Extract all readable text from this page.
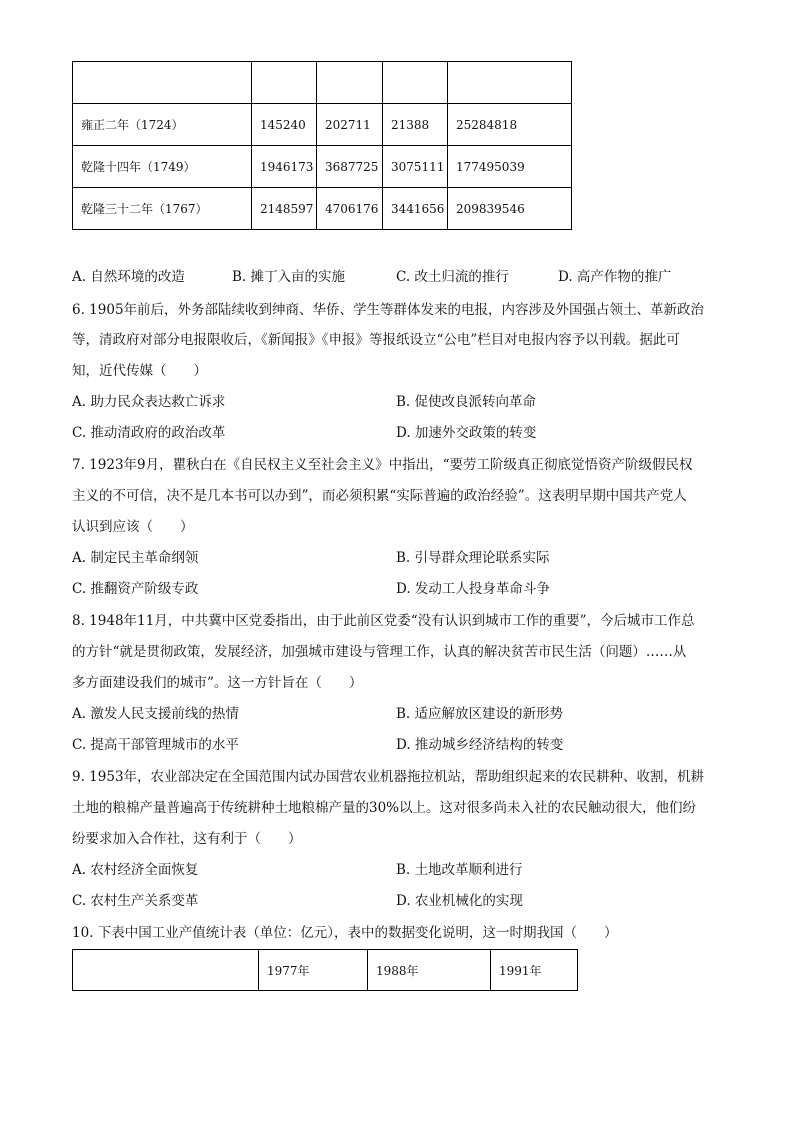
雍正二年（1724）	145240	202711	21388	25284818
乾隆十四年（1749）	1946173	3687725	3075111	177495039
乾隆三十二年（1767）	2148597	4706176	3441656	209839546
A. 自然环境的改造	B. 摊丁入亩的实施	C. 改土归流的推行	D. 高产作物的推广
6. 1905年前后，外务部陆续收到绅商、华侨、学生等群体发来的电报，内容涉及外国强占领土、革新政治
等，清政府对部分电报限收后，《新闻报》《申报》等报纸设立“公电”栏目对电报内容予以刊载。据此可
知，近代传媒（　　）
A. 助力民众表达救亡诉求	B. 促使改良派转向革命
C. 推动清政府的政治改革	D. 加速外交政策的转变
7. 1923年9月，瞿秋白在《自民权主义至社会主义》中指出，“要劳工阶级真正彻底觉悟资产阶级假民权
主义的不可信，决不是几本书可以办到”，而必须积累“实际普遍的政治经验”。这表明早期中国共产党人
认识到应该（　　）
A. 制定民主革命纲领	B. 引导群众理论联系实际
C. 推翻资产阶级专政	D. 发动工人投身革命斗争
8. 1948年11月，中共冀中区党委指出，由于此前区党委“没有认识到城市工作的重要”，今后城市工作总
的方针“就是贯彻政策，发展经济，加强城市建设与管理工作，认真的解决贫苦市民生活（问题）……从
多方面建设我们的城市”。这一方针旨在（　　）
A. 激发人民支援前线的热情	B. 适应解放区建设的新形势
C. 提高干部管理城市的水平	D. 推动城乡经济结构的转变
9. 1953年，农业部决定在全国范围内试办国营农业机器拖拉机站，帮助组织起来的农民耕种、收割，机耕
土地的粮棉产量普遍高于传统耕种土地粮棉产量的30%以上。这对很多尚未入社的农民触动很大，他们纷
纷要求加入合作社，这有利于（　　）
A. 农村经济全面恢复	B. 土地改革顺利进行
C. 农村生产关系变革	D. 农业机械化的实现
10. 下表中国工业产值统计表（单位：亿元），表中的数据变化说明，这一时期我国（　　）
	1977年	1988年	1991年
